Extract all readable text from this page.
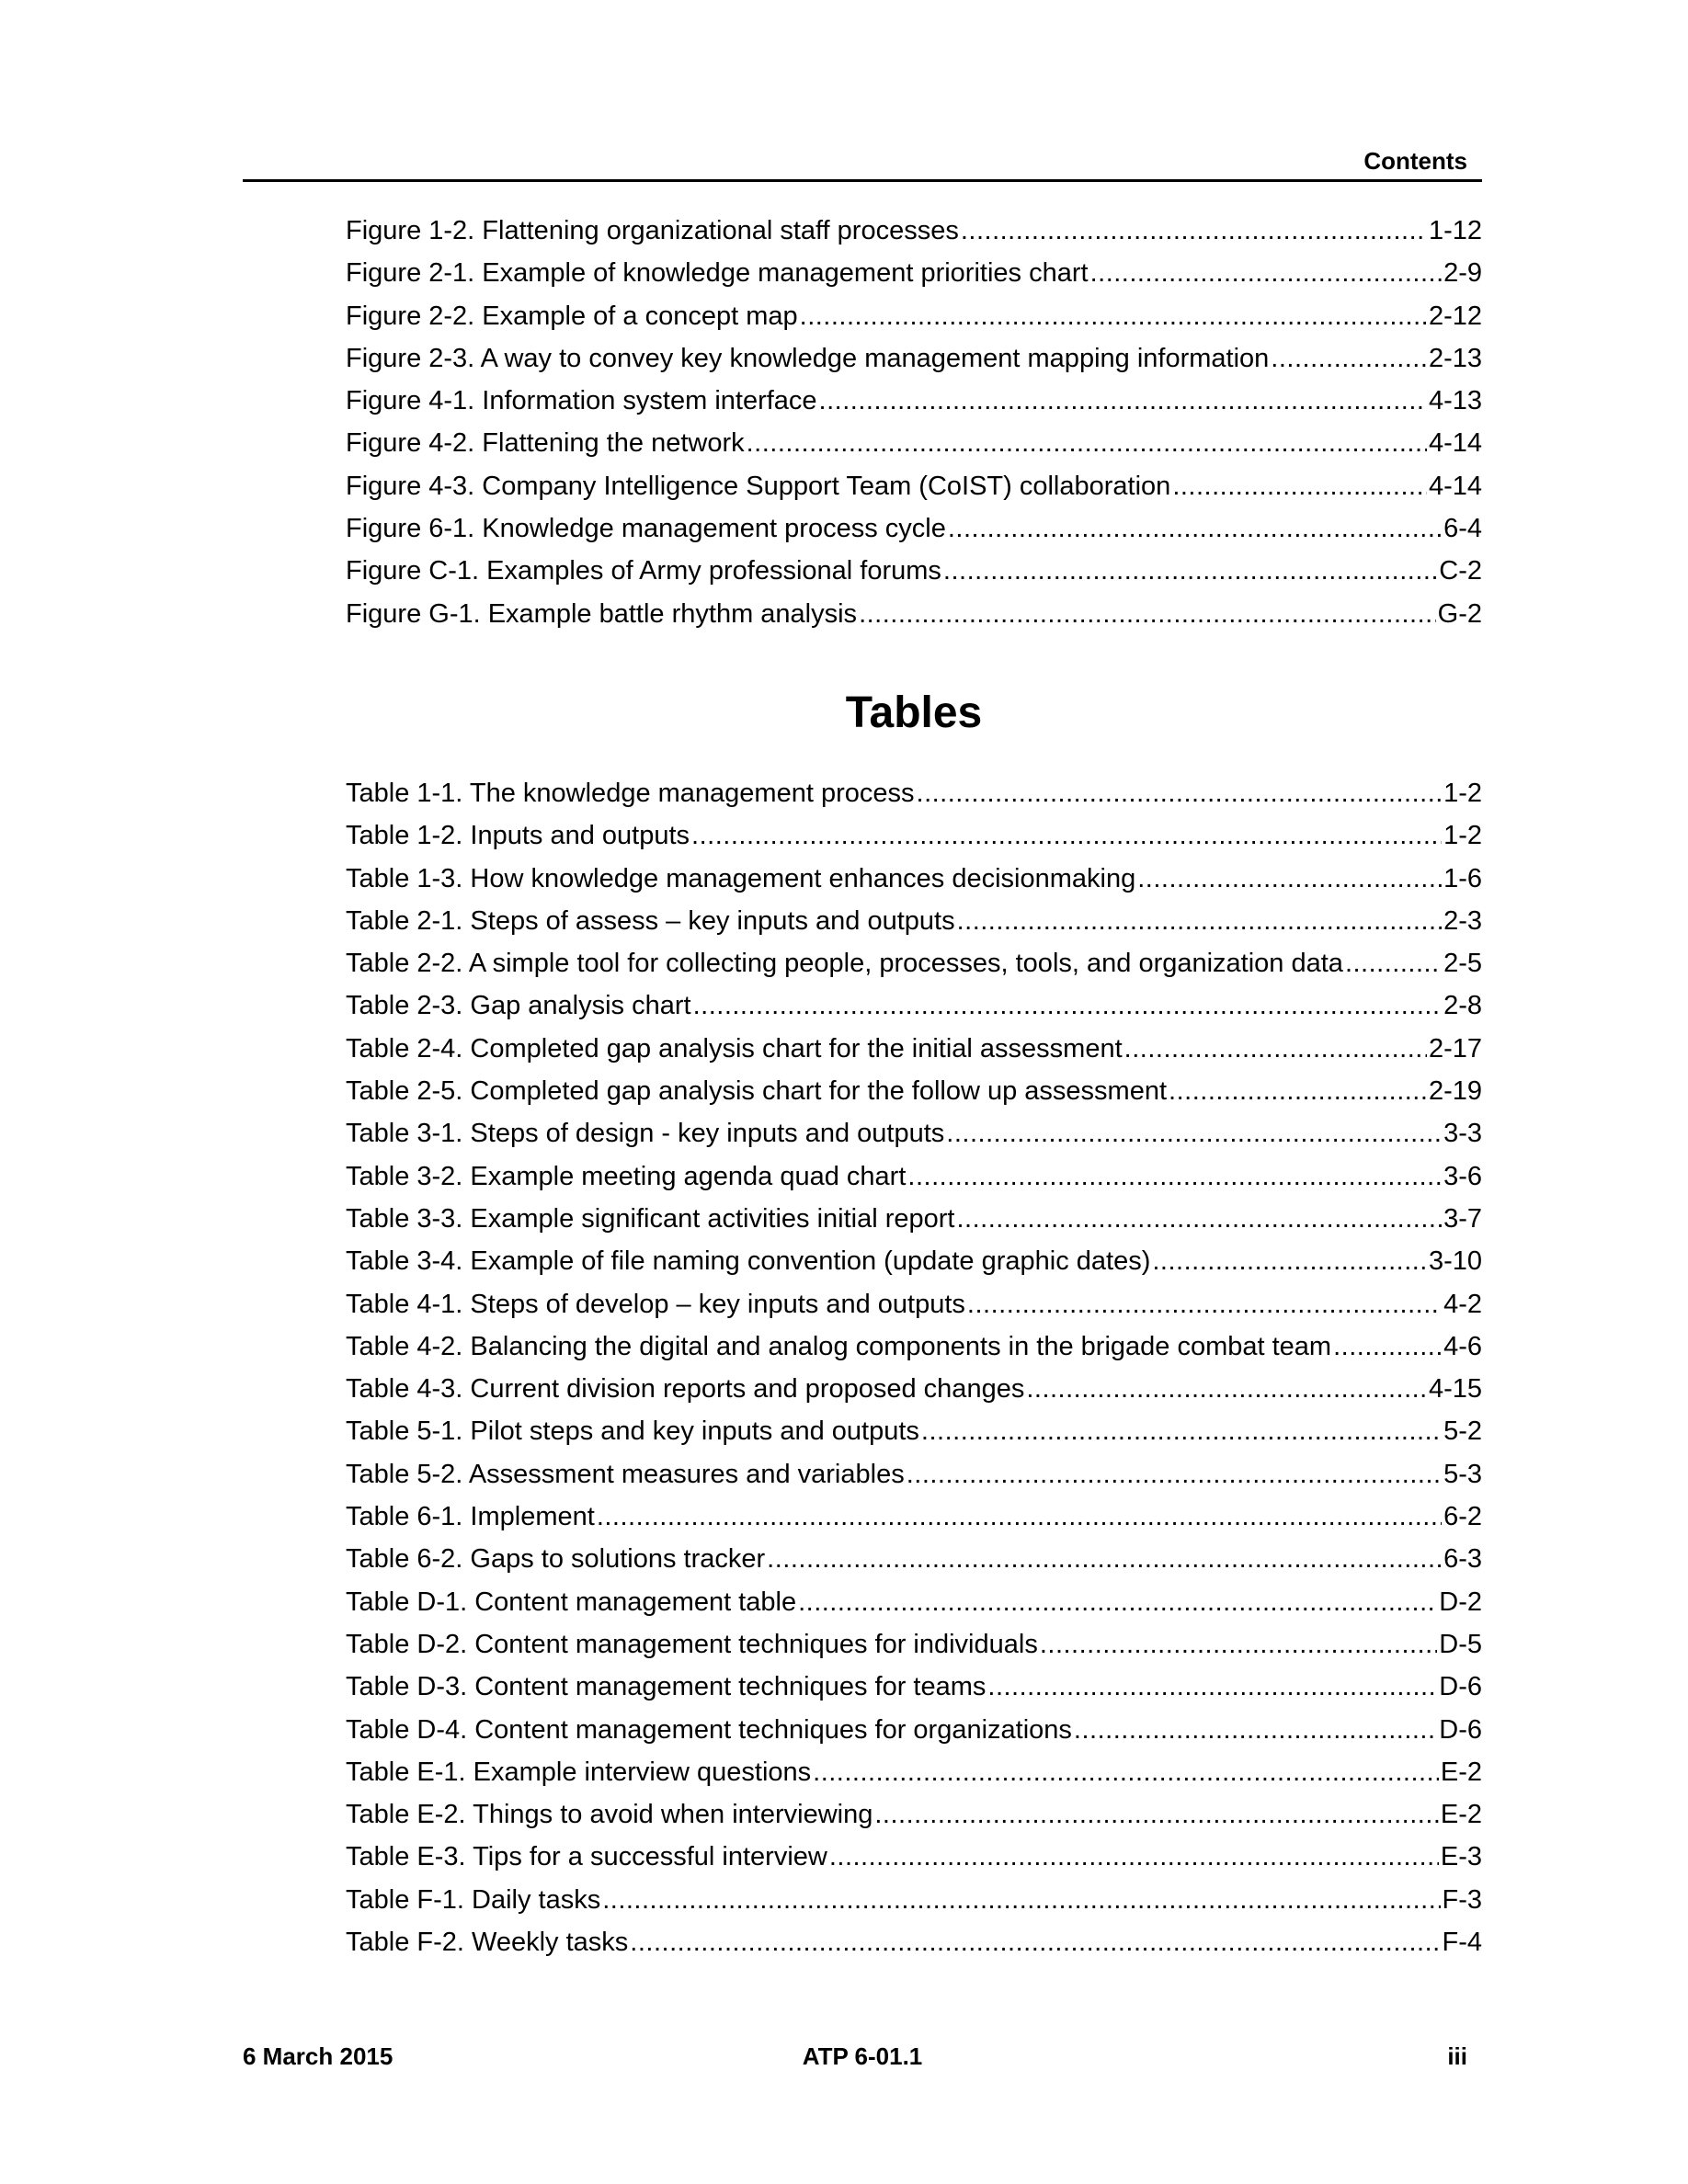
Contents
Figure 1-2. Flattening organizational staff processes .....	1-12
Figure 2-1. Example of knowledge management priorities chart .....	2-9
Figure 2-2. Example of a concept map .....	2-12
Figure 2-3. A way to convey key knowledge management mapping information .....	2-13
Figure 4-1. Information system interface .....	4-13
Figure 4-2. Flattening the network .....	4-14
Figure 4-3. Company Intelligence Support Team (CoIST) collaboration .....	4-14
Figure 6-1. Knowledge management process cycle .....	6-4
Figure C-1. Examples of Army professional forums .....	C-2
Figure G-1. Example battle rhythm analysis .....	G-2
Tables
Table 1-1. The knowledge management process .....	1-2
Table 1-2. Inputs and outputs .....	1-2
Table 1-3. How knowledge management enhances decisionmaking .....	1-6
Table 2-1. Steps of assess – key inputs and outputs .....	2-3
Table 2-2. A simple tool for collecting people, processes, tools, and organization data .....	2-5
Table 2-3. Gap analysis chart .....	2-8
Table 2-4. Completed gap analysis chart for the initial assessment .....	2-17
Table 2-5. Completed gap analysis chart for the follow up assessment .....	2-19
Table 3-1. Steps of design - key inputs and outputs .....	3-3
Table 3-2. Example meeting agenda quad chart .....	3-6
Table 3-3. Example significant activities initial report .....	3-7
Table 3-4. Example of file naming convention (update graphic dates) .....	3-10
Table 4-1. Steps of develop – key inputs and outputs .....	4-2
Table 4-2. Balancing the digital and analog components in the brigade combat team .....	4-6
Table 4-3. Current division reports and proposed changes .....	4-15
Table 5-1. Pilot steps and key inputs and outputs .....	5-2
Table 5-2. Assessment measures and variables .....	5-3
Table 6-1. Implement .....	6-2
Table 6-2. Gaps to solutions tracker .....	6-3
Table D-1. Content management table .....	D-2
Table D-2. Content management techniques for individuals .....	D-5
Table D-3. Content management techniques for teams .....	D-6
Table D-4. Content management techniques for organizations .....	D-6
Table E-1. Example interview questions .....	E-2
Table E-2. Things to avoid when interviewing .....	E-2
Table E-3. Tips for a successful interview .....	E-3
Table F-1. Daily tasks .....	F-3
Table F-2. Weekly tasks .....	F-4
6 March 2015	ATP 6-01.1	iii
